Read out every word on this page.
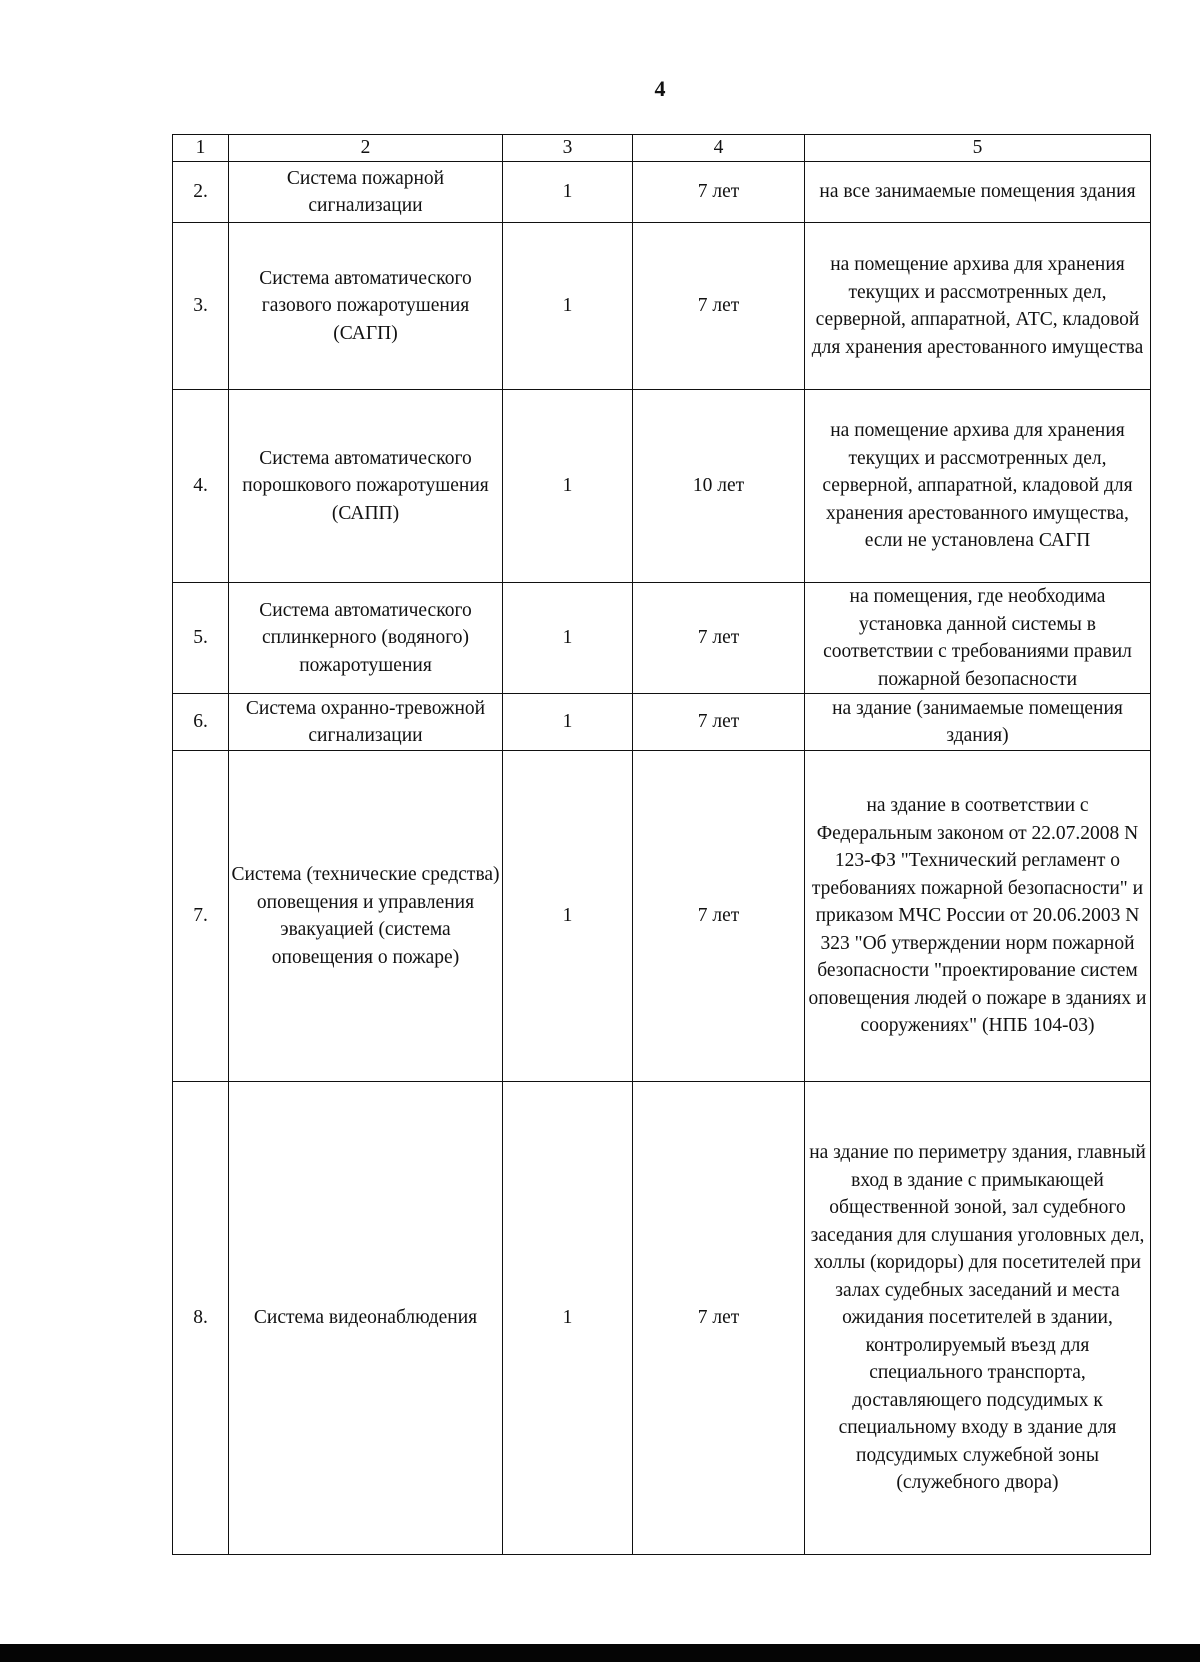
4
1	2	3	4	5
2.	Система пожарной сигнализации	1	7 лет	на все занимаемые помещения здания
3.	Система автоматического газового пожаротушения (САГП)	1	7 лет	на помещение архива для хранения текущих и рассмотренных дел, серверной, аппаратной, АТС, кладовой для хранения арестованного имущества
4.	Система автоматического порошкового пожаротушения (САПП)	1	10 лет	на помещение архива для хранения текущих и рассмотренных дел, серверной, аппаратной, кладовой для хранения арестованного имущества, если не установлена САГП
5.	Система автоматического сплинкерного (водяного) пожаротушения	1	7 лет	на помещения, где необходима установка данной системы в соответствии с требованиями правил пожарной безопасности
6.	Система охранно-тревожной сигнализации	1	7 лет	на здание (занимаемые помещения здания)
7.	Система (технические средства) оповещения и управления эвакуацией (система оповещения о пожаре)	1	7 лет	на здание в соответствии с Федеральным законом от 22.07.2008 N 123-ФЗ "Технический регламент о требованиях пожарной безопасности" и приказом МЧС России от 20.06.2003 N 323 "Об утверждении норм пожарной безопасности "проектирование систем оповещения людей о пожаре в зданиях и сооружениях" (НПБ 104-03)
8.	Система видеонаблюдения	1	7 лет	на здание по периметру здания, главный вход в здание с примыкающей общественной зоной, зал судебного заседания для слушания уголовных дел, холлы (коридоры) для посетителей при залах судебных заседаний и места ожидания посетителей в здании, контролируемый въезд для специального транспорта, доставляющего подсудимых к специальному входу в здание для подсудимых служебной зоны (служебного двора)
